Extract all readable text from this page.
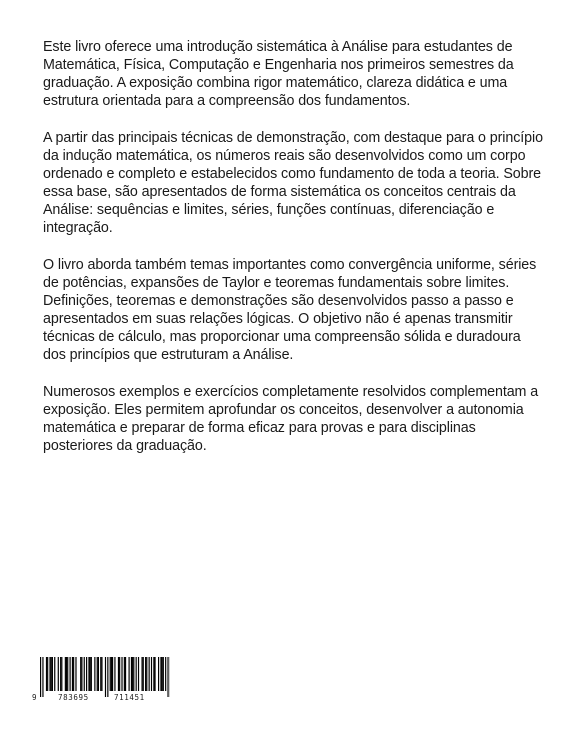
Este livro oferece uma introdução sistemática à Análise para estudantes de Matemática, Física, Computação e Engenharia nos primeiros semestres da graduação. A exposição combina rigor matemático, clareza didática e uma estrutura orientada para a compreensão dos fundamentos.

A partir das principais técnicas de demonstração, com destaque para o princípio da indução matemática, os números reais são desenvolvidos como um corpo ordenado e completo e estabelecidos como fundamento de toda a teoria. Sobre essa base, são apresentados de forma sistemática os conceitos centrais da Análise: sequências e limites, séries, funções contínuas, diferenciação e integração.

O livro aborda também temas importantes como convergência uniforme, séries de potências, expansões de Taylor e teoremas fundamentais sobre limites. Definições, teoremas e demonstrações são desenvolvidos passo a passo e apresentados em suas relações lógicas. O objetivo não é apenas transmitir técnicas de cálculo, mas proporcionar uma compreensão sólida e duradoura dos princípios que estruturam a Análise.

Numerosos exemplos e exercícios completamente resolvidos complementam a exposição. Eles permitem aprofundar os conceitos, desenvolver a autonomia matemática e preparar de forma eficaz para provas e para disciplinas posteriores da graduação.

9	783695	711451
